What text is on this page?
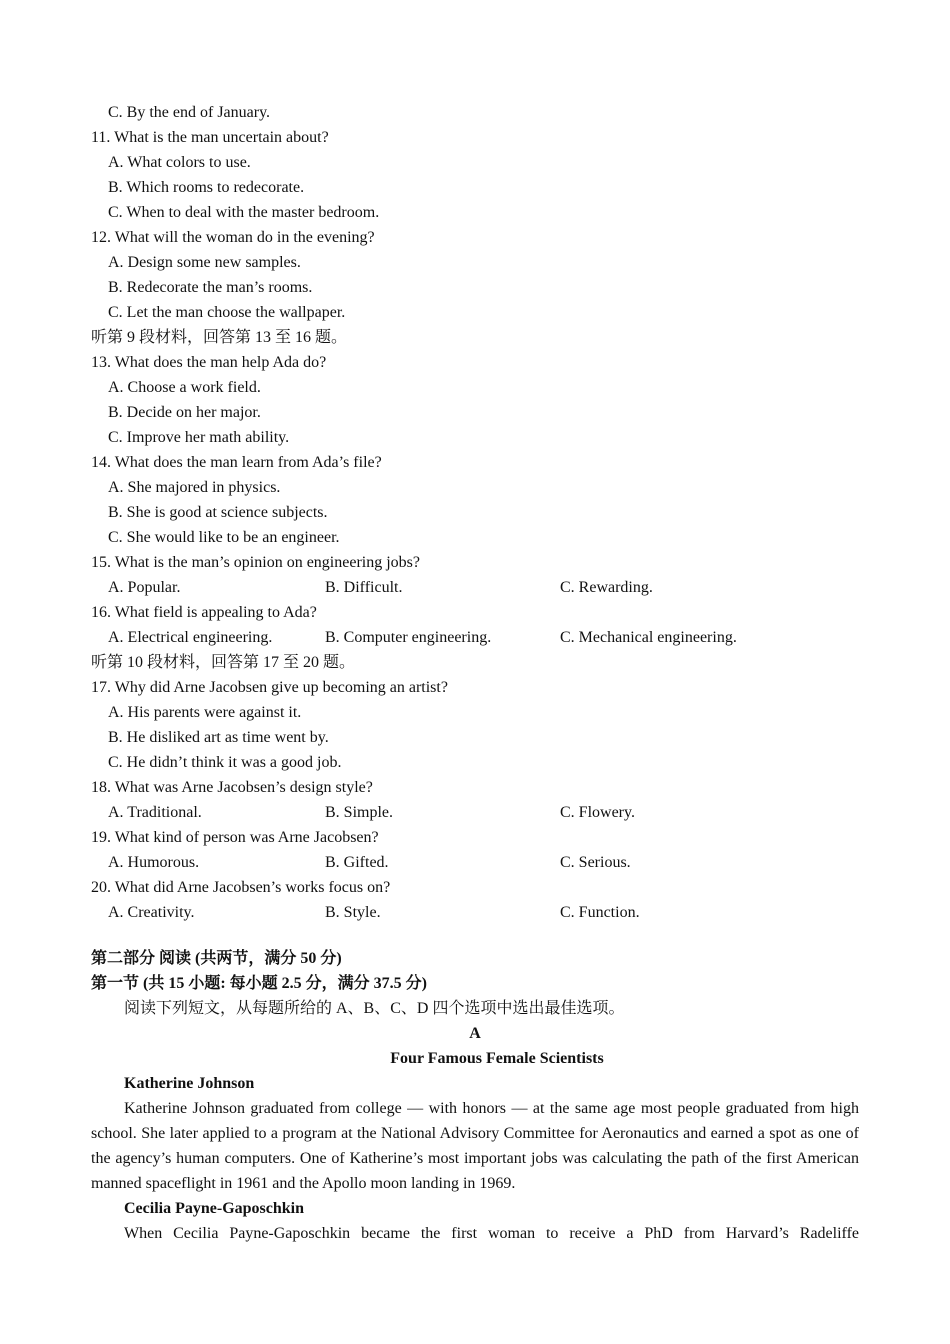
C. By the end of January.
11. What is the man uncertain about?
A. What colors to use.
B. Which rooms to redecorate.
C. When to deal with the master bedroom.
12. What will the woman do in the evening?
A. Design some new samples.
B. Redecorate the man’s rooms.
C. Let the man choose the wallpaper.
听第 9 段材料，回答第 13 至 16 题。
13. What does the man help Ada do?
A. Choose a work field.
B. Decide on her major.
C. Improve her math ability.
14. What does the man learn from Ada’s file?
A. She majored in physics.
B. She is good at science subjects.
C. She would like to be an engineer.
15. What is the man’s opinion on engineering jobs?
A. Popular.	B. Difficult.	C. Rewarding.
16. What field is appealing to Ada?
A. Electrical engineering.	B. Computer engineering.	C. Mechanical engineering.
听第 10 段材料，回答第 17 至 20 题。
17. Why did Arne Jacobsen give up becoming an artist?
A. His parents were against it.
B. He disliked art as time went by.
C. He didn’t think it was a good job.
18. What was Arne Jacobsen’s design style?
A. Traditional.	B. Simple.	C. Flowery.
19. What kind of person was Arne Jacobsen?
A. Humorous.	B. Gifted.	C. Serious.
20. What did Arne Jacobsen’s works focus on?
A. Creativity.	B. Style.	C. Function.
第二部分 阅读 (共两节，满分 50 分)
第一节 (共 15 小题: 每小题 2.5 分，满分 37.5 分)
阅读下列短文，从每题所给的 A、B、C、D 四个选项中选出最佳选项。
A
Four Famous Female Scientists
Katherine Johnson
Katherine Johnson graduated from college — with honors — at the same age most people graduated from high school. She later applied to a program at the National Advisory Committee for Aeronautics and earned a spot as one of the agency’s human computers. One of Katherine’s most important jobs was calculating the path of the first American manned spaceflight in 1961 and the Apollo moon landing in 1969.
Cecilia Payne-Gaposchkin
When Cecilia Payne-Gaposchkin became the first woman to receive a PhD from Harvard’s Radeliffe
